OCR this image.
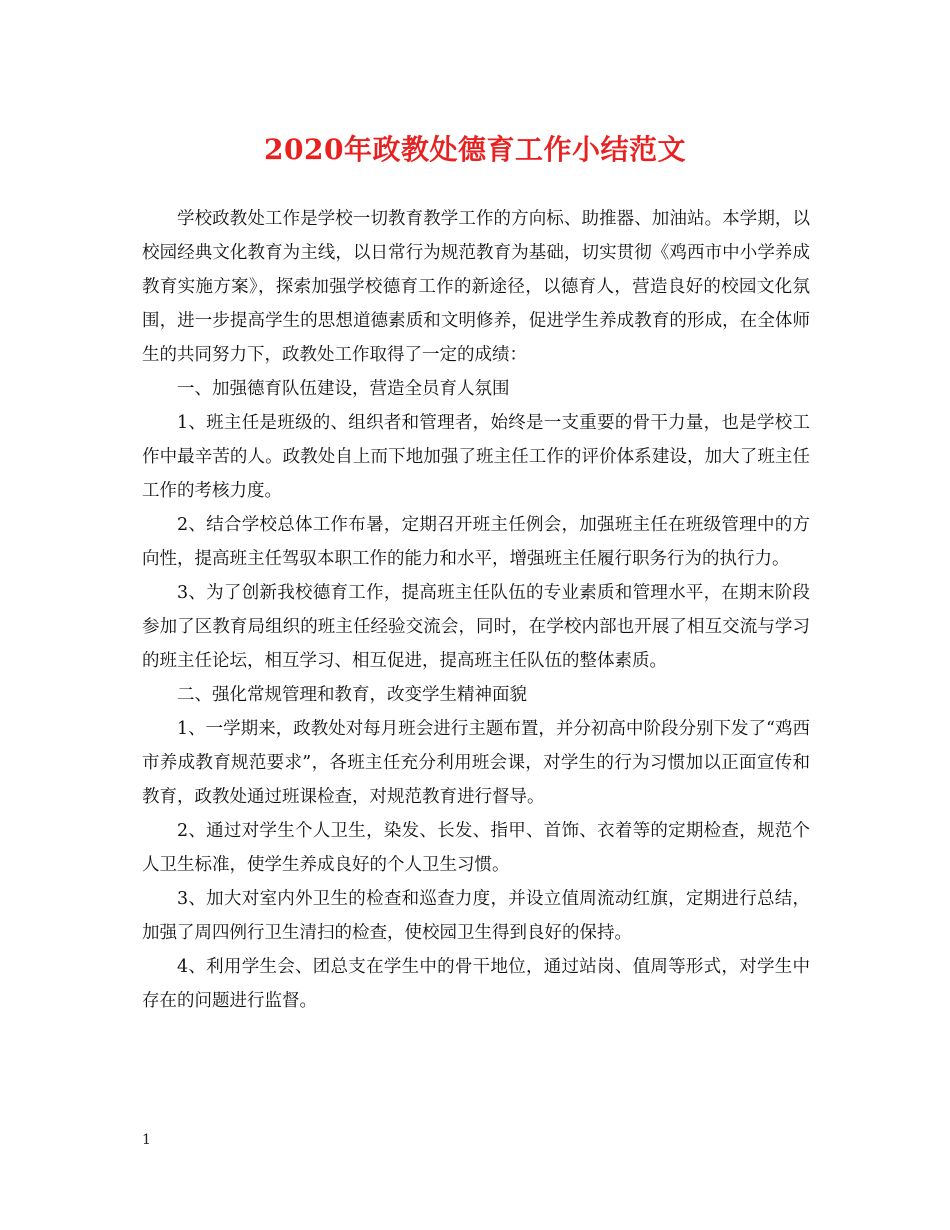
2020年政教处德育工作小结范文

学校政教处工作是学校一切教育教学工作的方向标、助推器、加油站。本学期，以校园经典文化教育为主线，以日常行为规范教育为基础，切实贯彻《鸡西市中小学养成教育实施方案》，探索加强学校德育工作的新途径，以德育人，营造良好的校园文化氛围，进一步提高学生的思想道德素质和文明修养，促进学生养成教育的形成，在全体师生的共同努力下，政教处工作取得了一定的成绩：

一、加强德育队伍建设，营造全员育人氛围

1、班主任是班级的、组织者和管理者，始终是一支重要的骨干力量，也是学校工作中最辛苦的人。政教处自上而下地加强了班主任工作的评价体系建设，加大了班主任工作的考核力度。

2、结合学校总体工作布暑，定期召开班主任例会，加强班主任在班级管理中的方向性，提高班主任驾驭本职工作的能力和水平，增强班主任履行职务行为的执行力。

3、为了创新我校德育工作，提高班主任队伍的专业素质和管理水平，在期末阶段参加了区教育局组织的班主任经验交流会，同时，在学校内部也开展了相互交流与学习的班主任论坛，相互学习、相互促进，提高班主任队伍的整体素质。

二、强化常规管理和教育，改变学生精神面貌

1、一学期来，政教处对每月班会进行主题布置，并分初高中阶段分别下发了“鸡西市养成教育规范要求”，各班主任充分利用班会课，对学生的行为习惯加以正面宣传和教育，政教处通过班课检查，对规范教育进行督导。

2、通过对学生个人卫生，染发、长发、指甲、首饰、衣着等的定期检查，规范个人卫生标准，使学生养成良好的个人卫生习惯。

3、加大对室内外卫生的检查和巡查力度，并设立值周流动红旗，定期进行总结，加强了周四例行卫生清扫的检查，使校园卫生得到良好的保持。

4、利用学生会、团总支在学生中的骨干地位，通过站岗、值周等形式，对学生中存在的问题进行监督。

1
